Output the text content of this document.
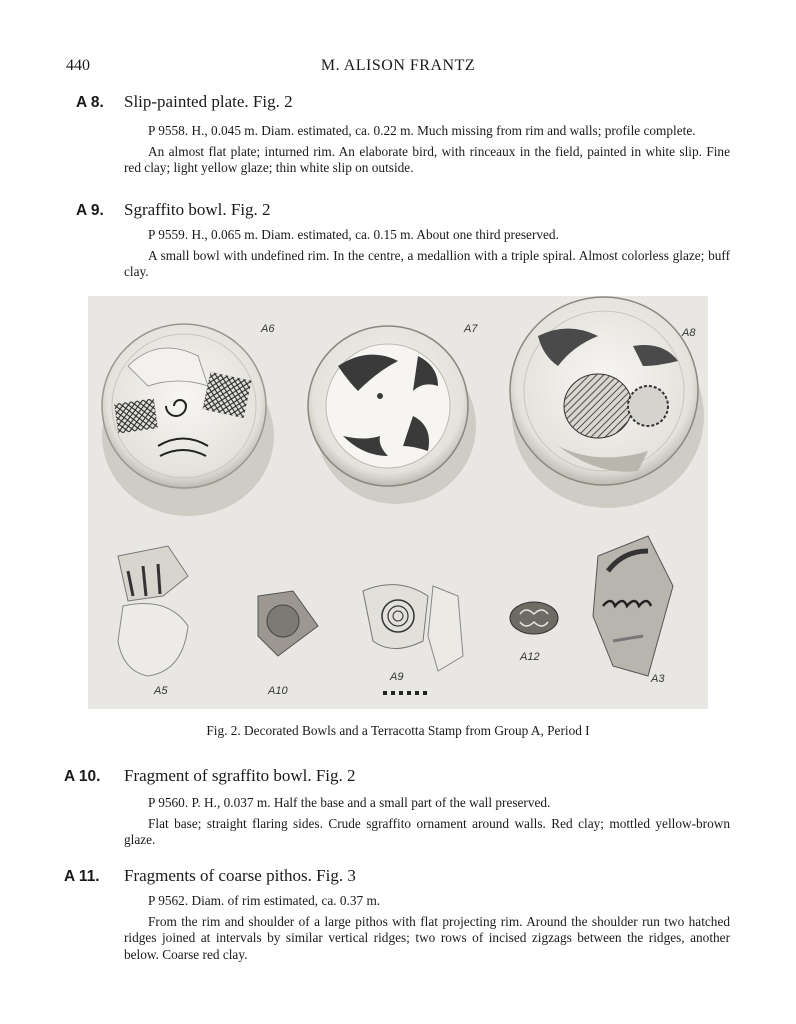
440	M. ALISON FRANTZ
A 8. Slip-painted plate. Fig. 2

P 9558. H., 0.045 m. Diam. estimated, ca. 0.22 m. Much missing from rim and walls; profile complete.

An almost flat plate; inturned rim. An elaborate bird, with rinceaux in the field, painted in white slip. Fine red clay; light yellow glaze; thin white slip on outside.

A 9. Sgraffito bowl. Fig. 2

P 9559. H., 0.065 m. Diam. estimated, ca. 0.15 m. About one third preserved.

A small bowl with undefined rim. In the centre, a medallion with a triple spiral. Almost colorless glaze; buff clay.

A6	A7	A8
A5	A10
A9
A12
A3
Fig. 2. Decorated Bowls and a Terracotta Stamp from Group A, Period I
A 10. Fragment of sgraffito bowl. Fig. 2

P 9560. P. H., 0.037 m. Half the base and a small part of the wall preserved.

Flat base; straight flaring sides. Crude sgraffito ornament around walls. Red clay; mottled yellow-brown glaze.

A 11. Fragments of coarse pithos. Fig. 3

P 9562. Diam. of rim estimated, ca. 0.37 m.

From the rim and shoulder of a large pithos with flat projecting rim. Around the shoulder run two hatched ridges joined at intervals by similar vertical ridges; two rows of incised zigzags between the ridges, another below. Coarse red clay.
